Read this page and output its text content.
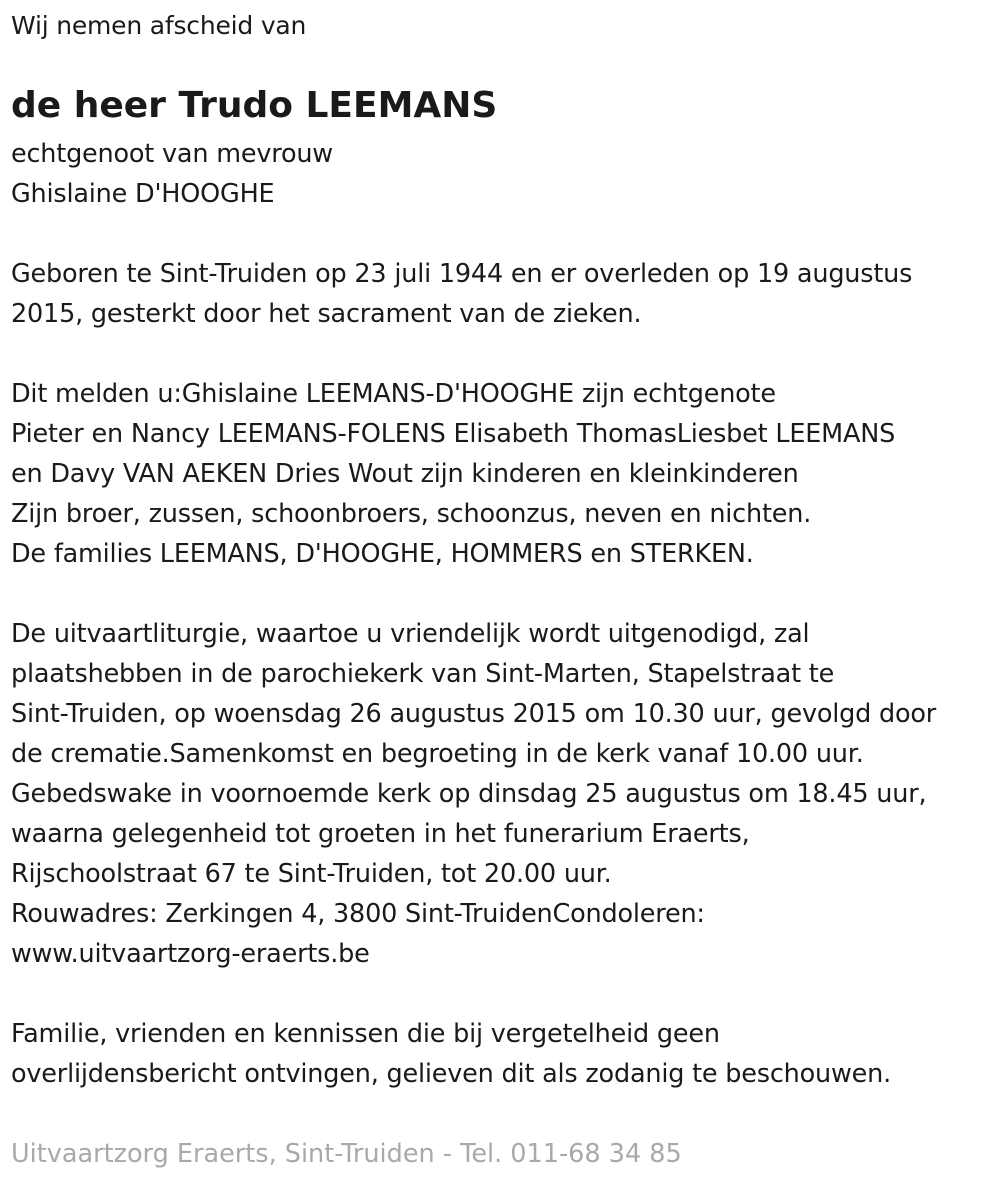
Wij nemen afscheid van
de heer Trudo LEEMANS
echtgenoot van mevrouw
Ghislaine D'HOOGHE
Geboren te Sint-Truiden op 23 juli 1944 en er overleden op 19 augustus
2015, gesterkt door het sacrament van de zieken.
Dit melden u:Ghislaine LEEMANS-D'HOOGHE zijn echtgenote
Pieter en Nancy LEEMANS-FOLENS Elisabeth ThomasLiesbet LEEMANS
en Davy VAN AEKEN Dries Wout zijn kinderen en kleinkinderen
Zijn broer, zussen, schoonbroers, schoonzus, neven en nichten.
De families LEEMANS, D'HOOGHE, HOMMERS en STERKEN.
De uitvaartliturgie, waartoe u vriendelijk wordt uitgenodigd, zal
plaatshebben in de parochiekerk van Sint-Marten, Stapelstraat te
Sint-Truiden, op woensdag 26 augustus 2015 om 10.30 uur, gevolgd door
de crematie.Samenkomst en begroeting in de kerk vanaf 10.00 uur.
Gebedswake in voornoemde kerk op dinsdag 25 augustus om 18.45 uur,
waarna gelegenheid tot groeten in het funerarium Eraerts,
Rijschoolstraat 67 te Sint-Truiden, tot 20.00 uur.
Rouwadres: Zerkingen 4, 3800 Sint-TruidenCondoleren:
www.uitvaartzorg-eraerts.be
Familie, vrienden en kennissen die bij vergetelheid geen
overlijdensbericht ontvingen, gelieven dit als zodanig te beschouwen.
Uitvaartzorg Eraerts, Sint-Truiden - Tel. 011-68 34 85
